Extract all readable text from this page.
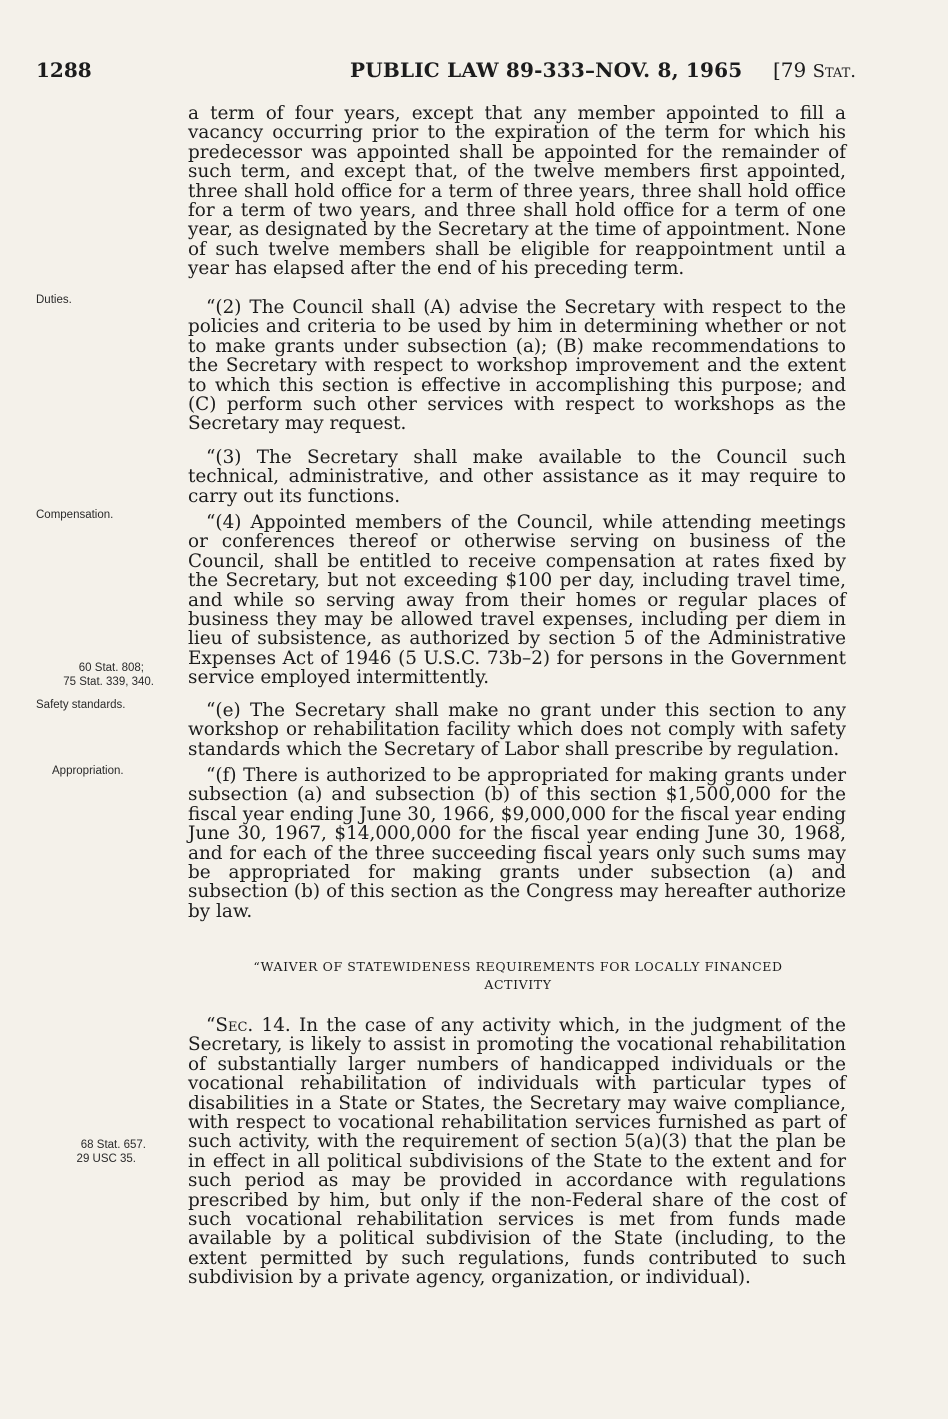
1288	PUBLIC LAW 89-333–NOV. 8, 1965 [79 Stat.
Duties.
Compensation.
60 Stat. 808;
75 Stat. 339, 340.
Safety standards.
Appropriation.
68 Stat. 657.
29 USC 35.

a term of four years, except that any member appointed to fill a vacancy occurring prior to the expiration of the term for which his predecessor was appointed shall be appointed for the remainder of such term, and except that, of the twelve members first appointed, three shall hold office for a term of three years, three shall hold office for a term of two years, and three shall hold office for a term of one year, as designated by the Secretary at the time of appointment. None of such twelve members shall be eligible for reappointment until a year has elapsed after the end of his preceding term.

“(2) The Council shall (A) advise the Secretary with respect to the policies and criteria to be used by him in determining whether or not to make grants under subsection (a); (B) make recommendations to the Secretary with respect to workshop improvement and the extent to which this section is effective in accomplishing this purpose; and (C) perform such other services with respect to workshops as the Secretary may request.

“(3) The Secretary shall make available to the Council such technical, administrative, and other assistance as it may require to carry out its functions.

“(4) Appointed members of the Council, while attending meetings or conferences thereof or otherwise serving on business of the Council, shall be entitled to receive compensation at rates fixed by the Secretary, but not exceeding $100 per day, including travel time, and while so serving away from their homes or regular places of business they may be allowed travel expenses, including per diem in lieu of subsistence, as authorized by section 5 of the Administrative Expenses Act of 1946 (5 U.S.C. 73b–2) for persons in the Government service employed intermittently.

“(e) The Secretary shall make no grant under this section to any workshop or rehabilitation facility which does not comply with safety standards which the Secretary of Labor shall prescribe by regulation.

“(f) There is authorized to be appropriated for making grants under subsection (a) and subsection (b) of this section $1,500,000 for the fiscal year ending June 30, 1966, $9,000,000 for the fiscal year ending June 30, 1967, $14,000,000 for the fiscal year ending June 30, 1968, and for each of the three succeeding fiscal years only such sums may be appropriated for making grants under subsection (a) and subsection (b) of this section as the Congress may hereafter authorize by law.

“WAIVER OF STATEWIDENESS REQUIREMENTS FOR LOCALLY FINANCED
ACTIVITY

“Sec. 14. In the case of any activity which, in the judgment of the Secretary, is likely to assist in promoting the vocational rehabilitation of substantially larger numbers of handicapped individuals or the vocational rehabilitation of individuals with particular types of disabilities in a State or States, the Secretary may waive compliance, with respect to vocational rehabilitation services furnished as part of such activity, with the requirement of section 5(a)(3) that the plan be in effect in all political subdivisions of the State to the extent and for such period as may be provided in accordance with regulations prescribed by him, but only if the non-Federal share of the cost of such vocational rehabilitation services is met from funds made available by a political subdivision of the State (including, to the extent permitted by such regulations, funds contributed to such subdivision by a private agency, organization, or individual).
